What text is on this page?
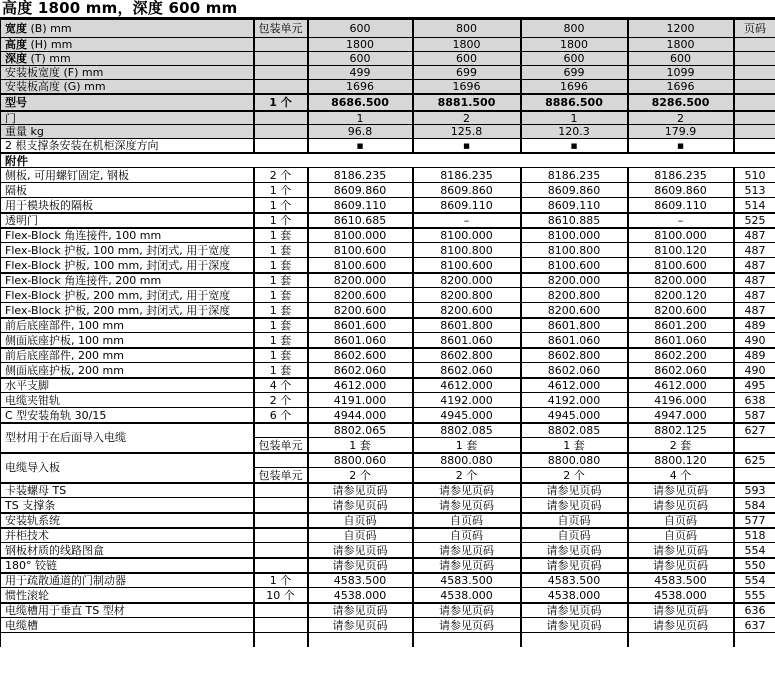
高度 1800 mm，深度 600 mm
宽度 (B) mm	包装单元	600	800	800	1200	页码
高度 (H) mm		1800	1800	1800	1800	
深度 (T) mm		600	600	600	600	
安装板宽度 (F) mm		499	699	699	1099	
安装板高度 (G) mm		1696	1696	1696	1696	
型号	1 个	8686.500	8881.500	8886.500	8286.500	
门		1	2	1	2	
重量 kg		96.8	125.8	120.3	179.9	
2 根支撑条安装在机柜深度方向		■	■	■	■	
附件						
侧板, 可用螺钉固定, 钢板	2 个	8186.235	8186.235	8186.235	8186.235	510
隔板	1 个	8609.860	8609.860	8609.860	8609.860	513
用于模块板的隔板	1 个	8609.110	8609.110	8609.110	8609.110	514
透明门	1 个	8610.685	–	8610.885	–	525
Flex-Block 角连接件, 100 mm	1 套	8100.000	8100.000	8100.000	8100.000	487
Flex-Block 护板, 100 mm, 封闭式, 用于宽度	1 套	8100.600	8100.800	8100.800	8100.120	487
Flex-Block 护板, 100 mm, 封闭式, 用于深度	1 套	8100.600	8100.600	8100.600	8100.600	487
Flex-Block 角连接件, 200 mm	1 套	8200.000	8200.000	8200.000	8200.000	487
Flex-Block 护板, 200 mm, 封闭式, 用于宽度	1 套	8200.600	8200.800	8200.800	8200.120	487
Flex-Block 护板, 200 mm, 封闭式, 用于深度	1 套	8200.600	8200.600	8200.600	8200.600	487
前后底座部件, 100 mm	1 套	8601.600	8601.800	8601.800	8601.200	489
侧面底座护板, 100 mm	1 套	8601.060	8601.060	8601.060	8601.060	490
前后底座部件, 200 mm	1 套	8602.600	8602.800	8602.800	8602.200	489
侧面底座护板, 200 mm	1 套	8602.060	8602.060	8602.060	8602.060	490
水平支脚	4 个	4612.000	4612.000	4612.000	4612.000	495
电缆夹钳轨	2 个	4191.000	4192.000	4192.000	4196.000	638
C 型安装角轨 30/15	6 个	4944.000	4945.000	4945.000	4947.000	587
型材用于在后面导入电缆		8802.065	8802.085	8802.085	8802.125	627
	包装单元	1 套	1 套	1 套	2 套	
电缆导入板		8800.060	8800.080	8800.080	8800.120	625
	包装单元	2 个	2 个	2 个	4 个	
卡装螺母 TS		请参见页码	请参见页码	请参见页码	请参见页码	593
TS 支撑条		请参见页码	请参见页码	请参见页码	请参见页码	584
安装轨系统		自页码	自页码	自页码	自页码	577
并柜技术		自页码	自页码	自页码	自页码	518
钢板材质的线路图盒		请参见页码	请参见页码	请参见页码	请参见页码	554
180° 铰链		请参见页码	请参见页码	请参见页码	请参见页码	550
用于疏散通道的门制动器	1 个	4583.500	4583.500	4583.500	4583.500	554
惯性滚轮	10 个	4538.000	4538.000	4538.000	4538.000	555
电缆槽用于垂直 TS 型材		请参见页码	请参见页码	请参见页码	请参见页码	636
电缆槽		请参见页码	请参见页码	请参见页码	请参见页码	637
